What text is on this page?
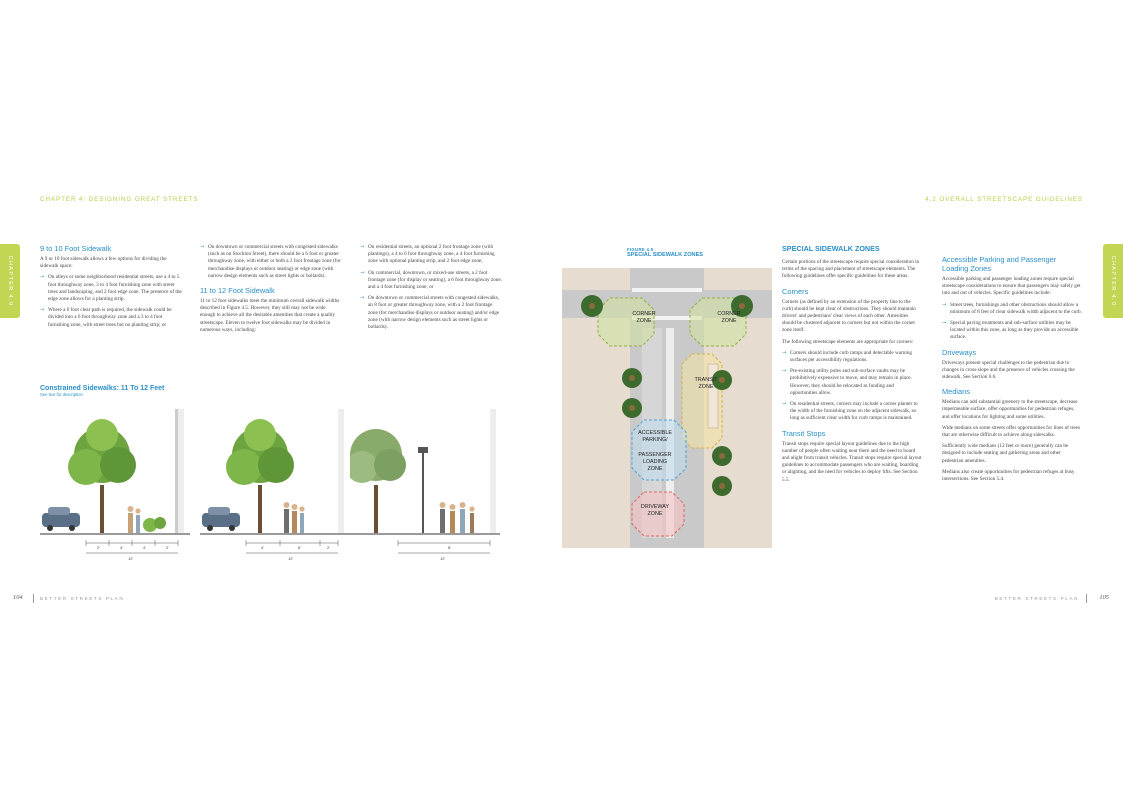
CHAPTER 4: DESIGNING GREAT STREETS	4.2 OVERALL STREETSCAPE GUIDELINES
CHAPTER 4.0	CHAPTER 4.0
9 to 10 Foot Sidewalk
A 9 or 10 foot sidewalk allows a few options for dividing the sidewalk space:
→ On alleys or some neighborhood residential streets, use a 4 to 5 foot throughway zone, 3 to 4 foot furnishing zone with street trees and landscaping, and 2 foot edge zone. The presence of the edge zone allows for a planting strip.
→ Where a 6 foot clear path is required, the sidewalk could be divided into a 6 foot throughway zone and a 3 to 4 foot furnishing zone, with street trees but no planting strip; or
→ On downtown or commercial streets with congested sidewalks (such as on Stockton Street), there should be a 6 foot or greater throughway zone, with either or both a 2 foot frontage zone (for merchandise displays or outdoor seating) or edge zone (with narrow design elements such as street lights or bollards).
11 to 12 Foot Sidewalk
11 to 12 foot sidewalks meet the minimum overall sidewalk widths described in Figure 4.5. However, they still may not be wide enough to achieve all the desirable amenities that create a quality streetscape. Eleven to twelve foot sidewalks may be divided in numerous ways, including:
→ On residential streets, an optional 2 foot frontage zone (with plantings), a 4 to 6 foot throughway zone, a 4 foot furnishing zone with optional planting strip, and 2 foot edge zone;
→ On commercial, downtown, or mixed-use streets, a 2 foot frontage zone (for display or seating), a 6 foot throughway zone, and a 4 foot furnishing zone; or
→ On downtown or commercial streets with congested sidewalks, an 8 foot or greater throughway zone, with a 2 foot frontage zone (for merchandise displays or outdoor seating) and/or edge zone (with narrow design elements such as street lights or bollards).
Constrained Sidewalks: 11 To 12 Feet
See text for description
2'	4'	4'	2'
12'
4'	6'	2'
12'
8'
12'
104	BETTER STREETS PLAN
FIGURE 4.5
SPECIAL SIDEWALK ZONES
CORNER
ZONE
CORNER
ZONE
TRANSIT
ZONE
ACCESSIBLE
PARKING/
PASSENGER
LOADING
ZONE
DRIVEWAY
ZONE
SPECIAL SIDEWALK ZONES
Certain portions of the streetscape require special consideration in terms of the spacing and placement of streetscape elements. The following guidelines offer specific guidelines for these areas.
Corners
Corners (as defined by an extension of the property line to the curb) should be kept clear of obstructions. They should maintain drivers' and pedestrians' clear views of each other. Amenities should be clustered adjacent to corners but not within the corner zone itself.
The following streetscape elements are appropriate for corners:
→ Corners should include curb ramps and detectable warning surfaces per accessibility regulations.
→ Pre-existing utility poles and sub-surface vaults may be prohibitively expensive to move, and may remain in place. However, they should be relocated as funding and opportunities allow.
→ On residential streets, corners may include a corner planter to the width of the furnishing zone on the adjacent sidewalk, so long as sufficient clear width for curb ramps is maintained.
Transit Stops
Transit stops require special layout guidelines due to the high number of people often waiting near there and the need to board and alight from transit vehicles. Transit stops require special layout guidelines to accommodate passengers who are waiting, boarding or alighting, and the need for vehicles to deploy lifts. See Section 5.5.
Accessible Parking and Passenger Loading Zones
Accessible parking and passenger loading zones require special streetscape considerations to ensure that passengers may safely get into and out of vehicles. Specific guidelines include:
→ Street trees, furnishings and other obstructions should allow a minimum of 8 feet of clear sidewalk width adjacent to the curb.
→ Special paving treatments and sub-surface utilities may be located within this zone, as long as they provide an accessible surface.
Driveways
Driveways present special challenges to the pedestrian due to changes in cross-slope and the presence of vehicles crossing the sidewalk. See Section 6.6.
Medians
Medians can add substantial greenery to the streetscape, decrease impermeable surface, offer opportunities for pedestrian refuges, and offer locations for lighting and some utilities.
Wide medians on some streets offer opportunities for lines of trees that are otherwise difficult to achieve along sidewalks.
Sufficiently wide medians (12 feet or more) generally can be designed to include seating and gathering areas and other pedestrian amenities.
Medians also create opportunities for pedestrian refuges at busy intersections. See Section 5.4.
BETTER STREETS PLAN	105
